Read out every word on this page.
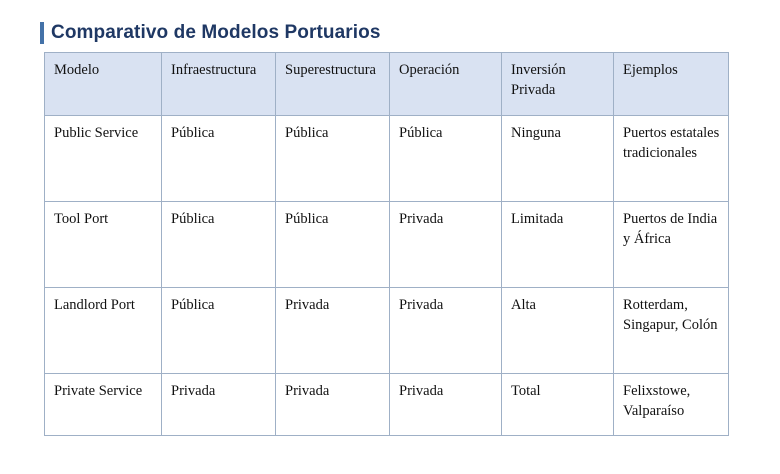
Comparativo de Modelos Portuarios
Modelo	Infraestructura	Superestructura	Operación	Inversión Privada	Ejemplos
Public Service	Pública	Pública	Pública	Ninguna	Puertos estatales tradicionales
Tool Port	Pública	Pública	Privada	Limitada	Puertos de India y África
Landlord Port	Pública	Privada	Privada	Alta	Rotterdam, Singapur, Colón
Private Service	Privada	Privada	Privada	Total	Felixstowe, Valparaíso
